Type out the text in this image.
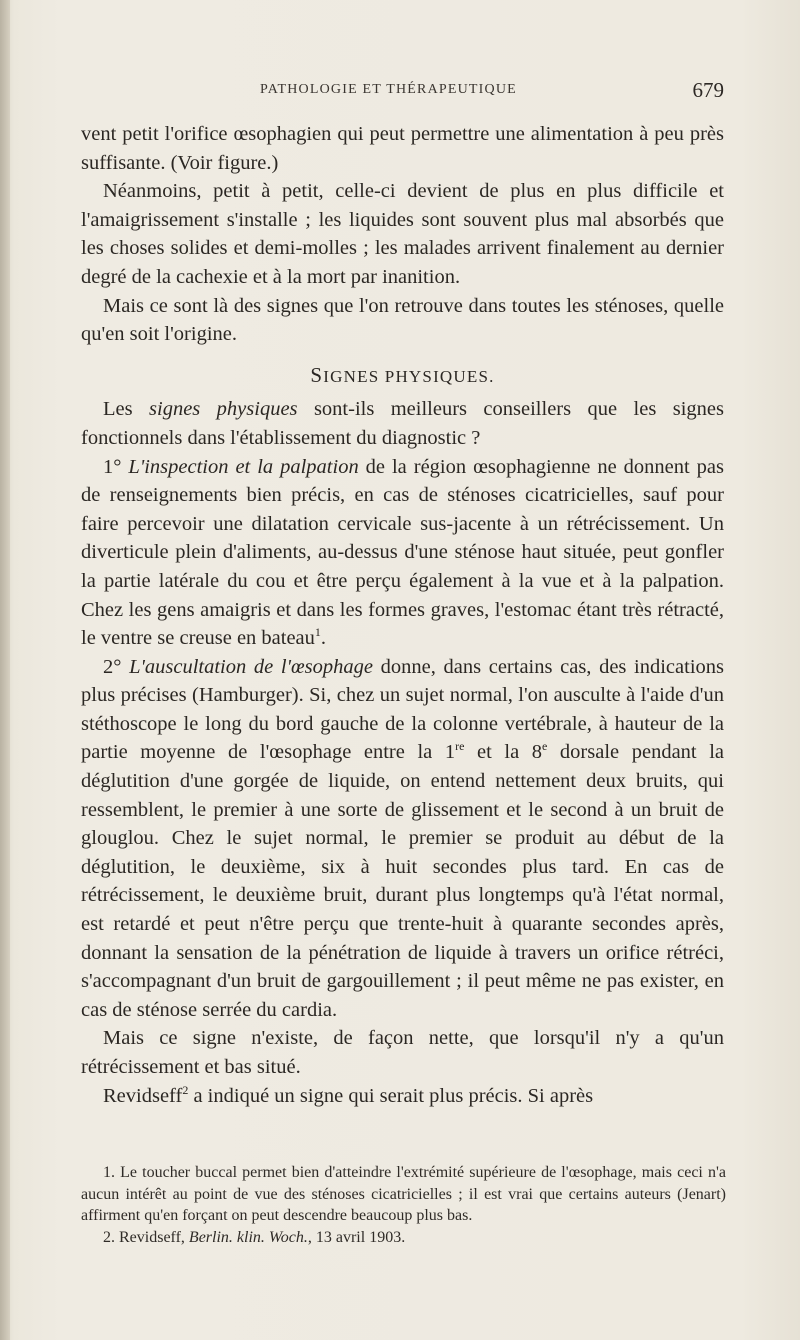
PATHOLOGIE ET THÉRAPEUTIQUE	679

vent petit l'orifice œsophagien qui peut permettre une alimentation à peu près suffisante. (Voir figure.)

Néanmoins, petit à petit, celle-ci devient de plus en plus difficile et l'amaigrissement s'installe ; les liquides sont souvent plus mal absorbés que les choses solides et demi-molles ; les malades arrivent finalement au dernier degré de la cachexie et à la mort par inanition.

Mais ce sont là des signes que l'on retrouve dans toutes les sténoses, quelle qu'en soit l'origine.

SIGNES PHYSIQUES.

Les signes physiques sont-ils meilleurs conseillers que les signes fonctionnels dans l'établissement du diagnostic ?

1° L'inspection et la palpation de la région œsophagienne ne donnent pas de renseignements bien précis, en cas de sténoses cicatricielles, sauf pour faire percevoir une dilatation cervicale sus-jacente à un rétrécissement. Un diverticule plein d'aliments, au-dessus d'une sténose haut située, peut gonfler la partie latérale du cou et être perçu également à la vue et à la palpation. Chez les gens amaigris et dans les formes graves, l'estomac étant très rétracté, le ventre se creuse en bateau$^1$.

2° L'auscultation de l'œsophage donne, dans certains cas, des indications plus précises (Hamburger). Si, chez un sujet normal, l'on ausculte à l'aide d'un stéthoscope le long du bord gauche de la colonne vertébrale, à hauteur de la partie moyenne de l'œsophage entre la 1re et la 8e dorsale pendant la déglutition d'une gorgée de liquide, on entend nettement deux bruits, qui ressemblent, le premier à une sorte de glissement et le second à un bruit de glouglou. Chez le sujet normal, le premier se produit au début de la déglutition, le deuxième, six à huit secondes plus tard. En cas de rétrécissement, le deuxième bruit, durant plus longtemps qu'à l'état normal, est retardé et peut n'être perçu que trente-huit à quarante secondes après, donnant la sensation de la pénétration de liquide à travers un orifice rétréci, s'accompagnant d'un bruit de gargouillement ; il peut même ne pas exister, en cas de sténose serrée du cardia.

Mais ce signe n'existe, de façon nette, que lorsqu'il n'y a qu'un rétrécissement et bas situé.

Revidseff$^2$ a indiqué un signe qui serait plus précis. Si après

1. Le toucher buccal permet bien d'atteindre l'extrémité supérieure de l'œsophage, mais ceci n'a aucun intérêt au point de vue des sténoses cicatricielles ; il est vrai que certains auteurs (Jenart) affirment qu'en forçant on peut descendre beaucoup plus bas.

2. Revidseff, Berlin. klin. Woch., 13 avril 1903.
